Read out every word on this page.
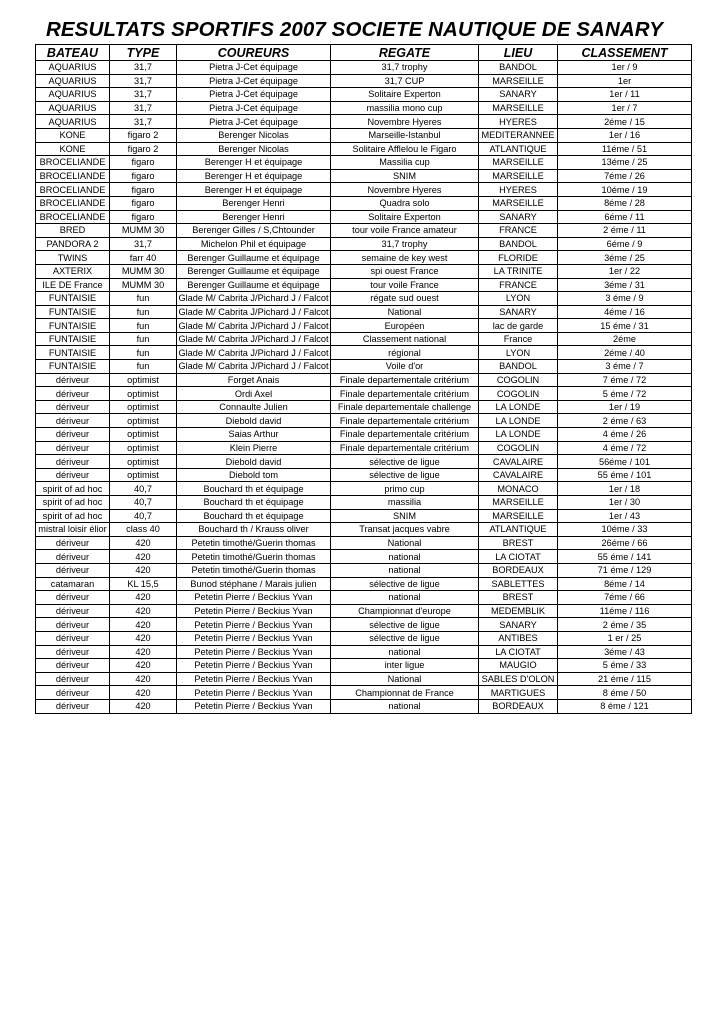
RESULTATS SPORTIFS 2007 SOCIETE NAUTIQUE DE SANARY
BATEAU	TYPE	COUREURS	REGATE	LIEU	CLASSEMENT
AQUARIUS	31,7	Pietra J-Cet équipage	31,7 trophy	BANDOL	1er / 9
AQUARIUS	31,7	Pietra J-Cet équipage	31,7 CUP	MARSEILLE	1er
AQUARIUS	31,7	Pietra J-Cet équipage	Solitaire Experton	SANARY	1er / 11
AQUARIUS	31,7	Pietra J-Cet équipage	massilia mono cup	MARSEILLE	1er / 7
AQUARIUS	31,7	Pietra J-Cet équipage	Novembre Hyeres	HYERES	2éme / 15
KONE	figaro 2	Berenger Nicolas	Marseille-Istanbul	MEDITERANNEE	1er / 16
KONE	figaro 2	Berenger Nicolas	Solitaire Afflelou le Figaro	ATLANTIQUE	11éme / 51
BROCELIANDE	figaro	Berenger H et équipage	Massilia cup	MARSEILLE	13éme / 25
BROCELIANDE	figaro	Berenger H et équipage	SNIM	MARSEILLE	7éme / 26
BROCELIANDE	figaro	Berenger H et équipage	Novembre Hyeres	HYERES	10éme / 19
BROCELIANDE	figaro	Berenger Henri	Quadra solo	MARSEILLE	8éme / 28
BROCELIANDE	figaro	Berenger Henri	Solitaire Experton	SANARY	6éme / 11
BRED	MUMM 30	Berenger Gilles / S,Chtounder	tour voile France amateur	FRANCE	2 éme / 11
PANDORA 2	31,7	Michelon Phil et équipage	31,7 trophy	BANDOL	6éme / 9
TWINS	farr 40	Berenger Guillaume et équipage	semaine de key west	FLORIDE	3éme / 25
AXTERIX	MUMM 30	Berenger Guillaume et équipage	spi ouest France	LA TRINITE	1er / 22
ILE DE France	MUMM 30	Berenger Guillaume et équipage	tour voile France	FRANCE	3éme / 31
FUNTAISIE	fun	Glade M/ Cabrita J/Pichard J / Falcot	régate sud ouest	LYON	3 éme / 9
FUNTAISIE	fun	Glade M/ Cabrita J/Pichard J / Falcot	National	SANARY	4éme / 16
FUNTAISIE	fun	Glade M/ Cabrita J/Pichard J / Falcot	Européen	lac de garde	15 éme / 31
FUNTAISIE	fun	Glade M/ Cabrita J/Pichard J / Falcot	Classement national	France	2éme
FUNTAISIE	fun	Glade M/ Cabrita J/Pichard J / Falcot	régional	LYON	2éme / 40
FUNTAISIE	fun	Glade M/ Cabrita J/Pichard J / Falcot	Voile d'or	BANDOL	3 éme / 7
dériveur	optimist	Forget Anais	Finale departementale critérium	COGOLIN	7 éme / 72
dériveur	optimist	Ordi Axel	Finale departementale critérium	COGOLIN	5 éme / 72
dériveur	optimist	Connaulte Julien	Finale departementale challenge	LA LONDE	1er / 19
dériveur	optimist	Diebold david	Finale departementale critérium	LA LONDE	2 éme / 63
dériveur	optimist	Saias Arthur	Finale departementale critérium	LA LONDE	4 éme / 26
dériveur	optimist	Klein Pierre	Finale departementale critérium	COGOLIN	4 éme / 72
dériveur	optimist	Diebold david	sélective de ligue	CAVALAIRE	56éme / 101
dériveur	optimist	Diebold tom	sélective de ligue	CAVALAIRE	55 éme / 101
spirit of ad hoc	40,7	Bouchard th et équipage	primo cup	MONACO	1er / 18
spirit of ad hoc	40,7	Bouchard th et équipage	massilia	MARSEILLE	1er / 30
spirit of ad hoc	40,7	Bouchard th et équipage	SNIM	MARSEILLE	1er / 43
mistral loisir élior	class 40	Bouchard th / Krauss oliver	Transat jacques vabre	ATLANTIQUE	10éme / 33
dériveur	420	Petetin timothé/Guerin thomas	National	BREST	26éme / 66
dériveur	420	Petetin timothé/Guerin thomas	national	LA CIOTAT	55 éme / 141
dériveur	420	Petetin timothé/Guerin thomas	national	BORDEAUX	71 éme / 129
catamaran	KL 15,5	Bunod stéphane / Marais julien	sélective de ligue	SABLETTES	8éme / 14
dériveur	420	Petetin Pierre / Beckius Yvan	national	BREST	7éme / 66
dériveur	420	Petetin Pierre / Beckius Yvan	Championnat d'europe	MEDEMBLIK	11éme / 116
dériveur	420	Petetin Pierre / Beckius Yvan	sélective de ligue	SANARY	2 éme / 35
dériveur	420	Petetin Pierre / Beckius Yvan	sélective de ligue	ANTIBES	1 er / 25
dériveur	420	Petetin Pierre / Beckius Yvan	national	LA CIOTAT	3éme / 43
dériveur	420	Petetin Pierre / Beckius Yvan	inter ligue	MAUGIO	5 éme / 33
dériveur	420	Petetin Pierre / Beckius Yvan	National	SABLES D'OLON	21 éme / 115
dériveur	420	Petetin Pierre / Beckius Yvan	Championnat de France	MARTIGUES	8 éme / 50
dériveur	420	Petetin Pierre / Beckius Yvan	national	BORDEAUX	8 éme / 121
